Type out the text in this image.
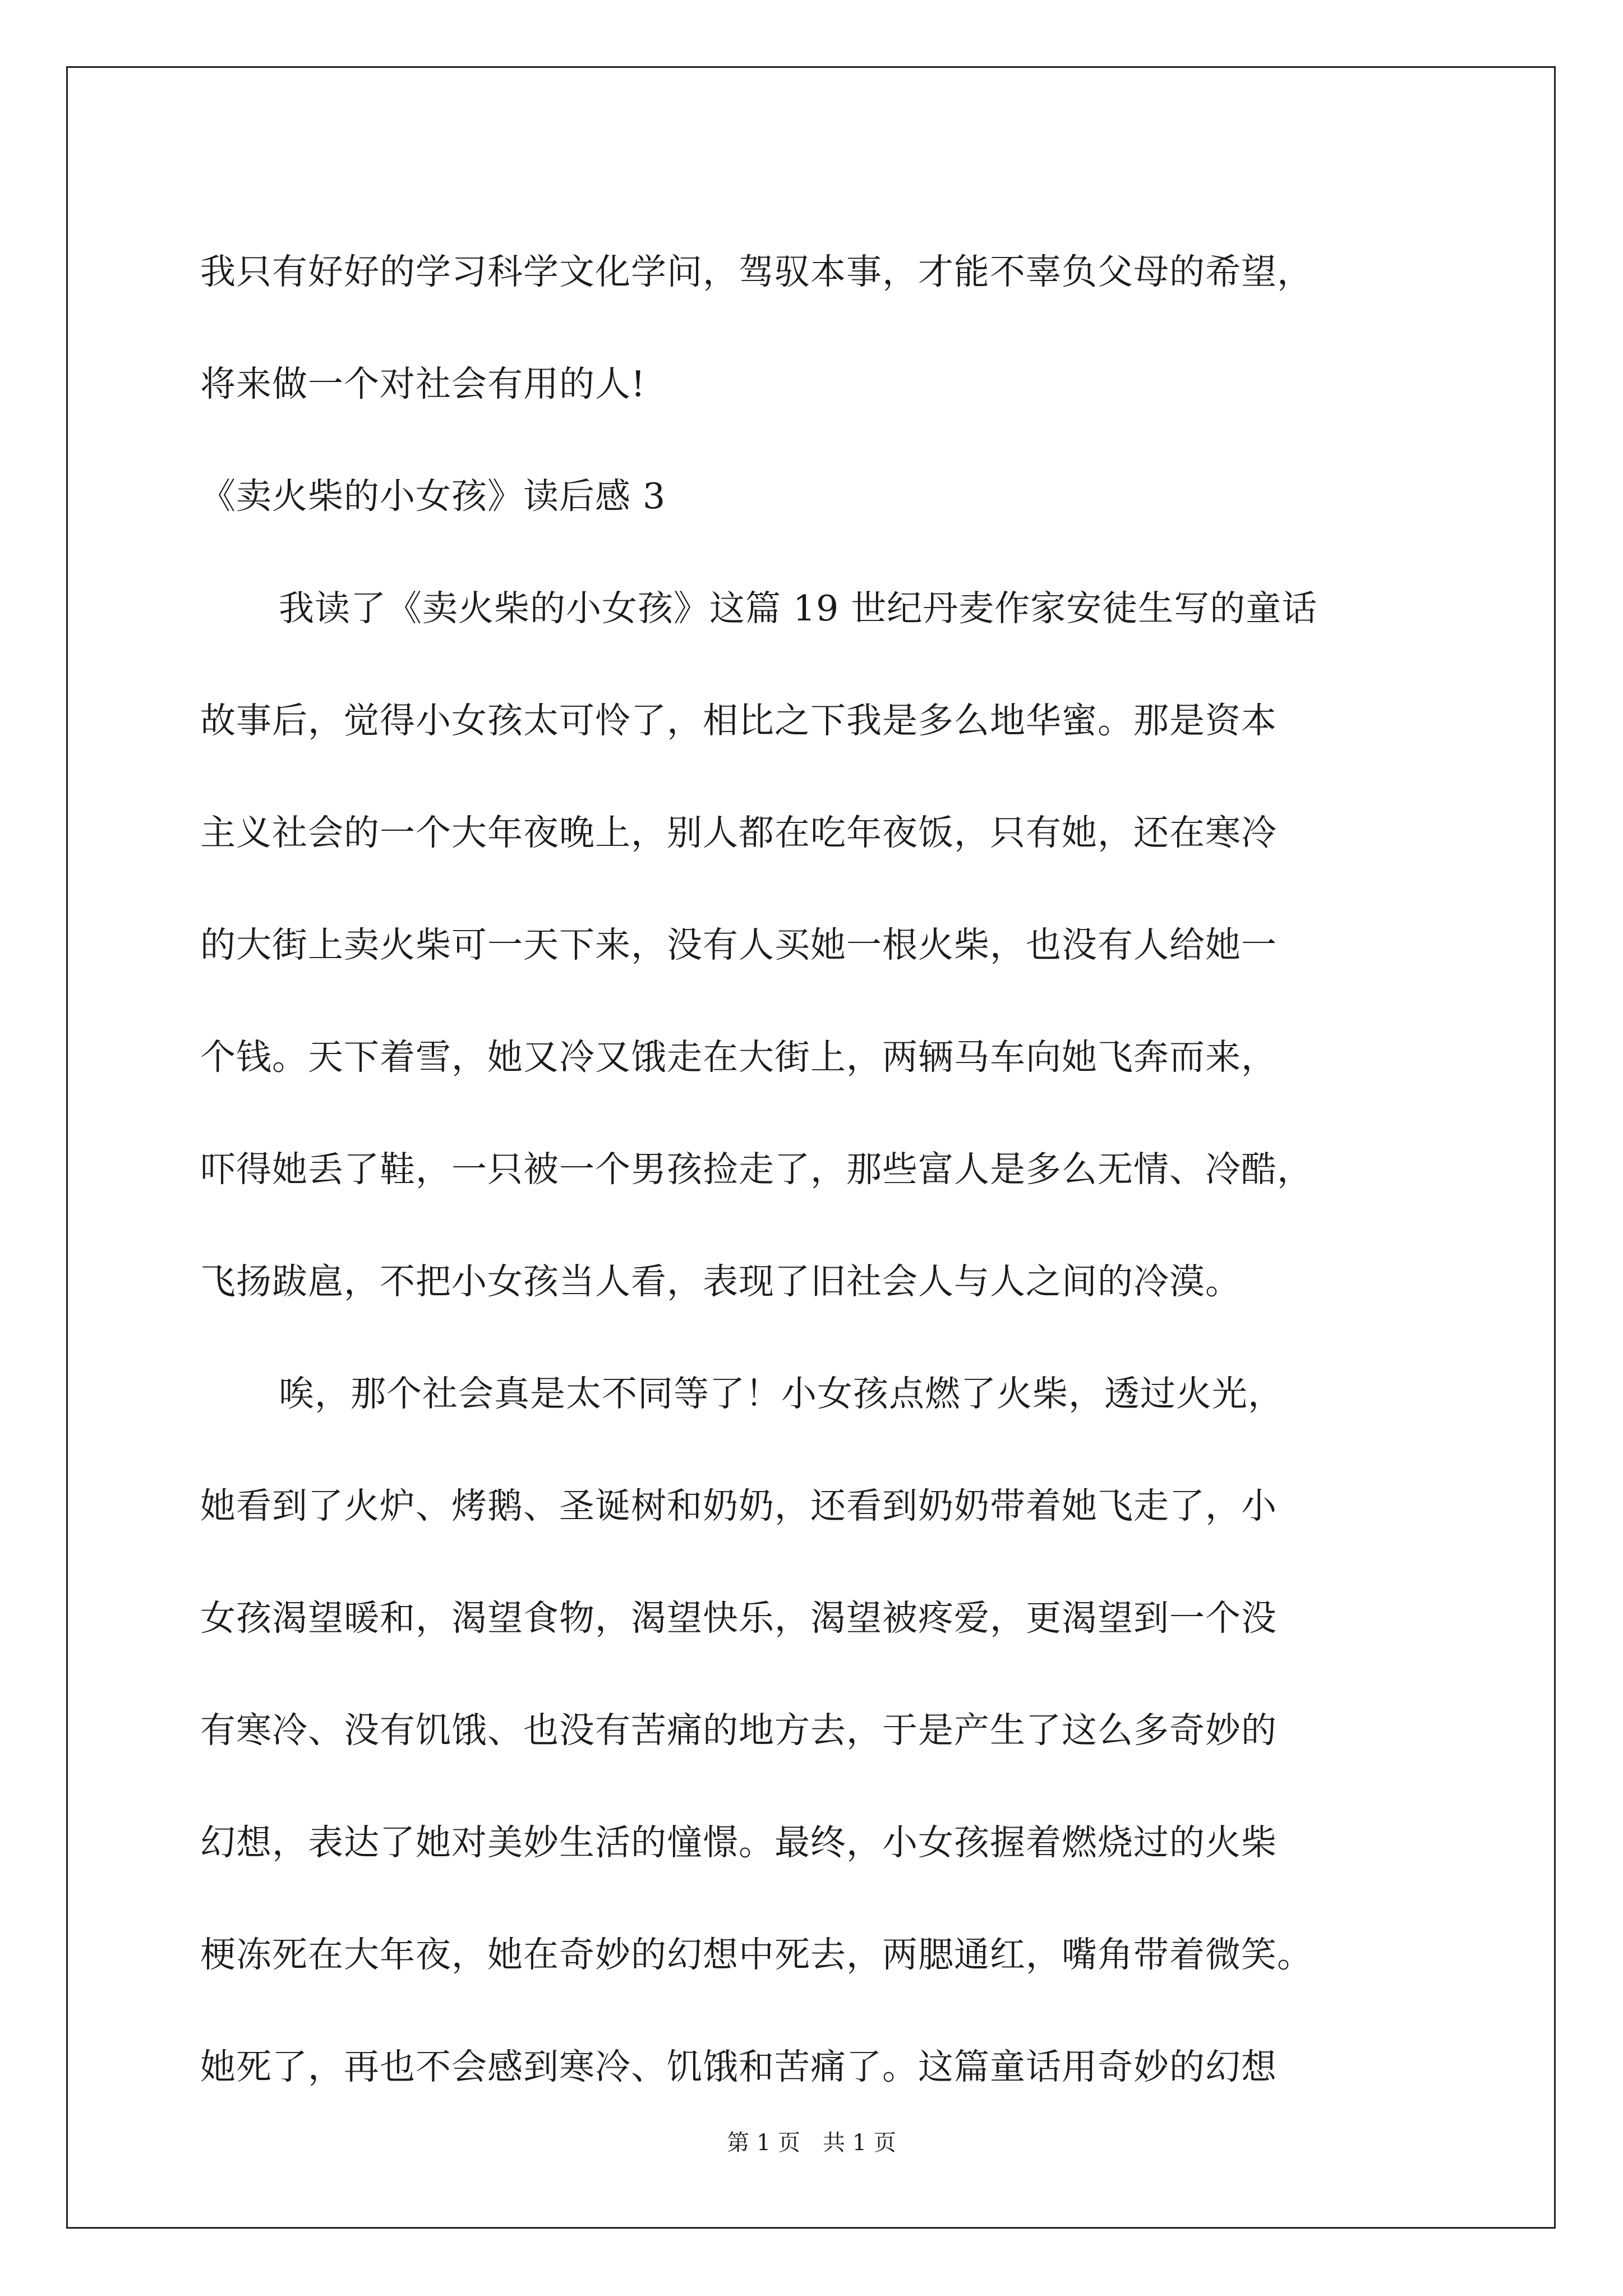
我只有好好的学习科学文化学问，驾驭本事，才能不辜负父母的希望，
将来做一个对社会有用的人!
《卖火柴的小女孩》读后感 3
我读了《卖火柴的小女孩》这篇 19 世纪丹麦作家安徒生写的童话
故事后，觉得小女孩太可怜了，相比之下我是多么地华蜜。那是资本
主义社会的一个大年夜晚上，别人都在吃年夜饭，只有她，还在寒冷
的大街上卖火柴可一天下来，没有人买她一根火柴，也没有人给她一
个钱。天下着雪，她又冷又饿走在大街上，两辆马车向她飞奔而来，
吓得她丢了鞋，一只被一个男孩捡走了，那些富人是多么无情、冷酷，
飞扬跋扈，不把小女孩当人看，表现了旧社会人与人之间的冷漠。
唉，那个社会真是太不同等了！小女孩点燃了火柴，透过火光，
她看到了火炉、烤鹅、圣诞树和奶奶，还看到奶奶带着她飞走了，小
女孩渴望暖和，渴望食物，渴望快乐，渴望被疼爱，更渴望到一个没
有寒冷、没有饥饿、也没有苦痛的地方去，于是产生了这么多奇妙的
幻想，表达了她对美妙生活的憧憬。最终，小女孩握着燃烧过的火柴
梗冻死在大年夜，她在奇妙的幻想中死去，两腮通红，嘴角带着微笑。
她死了，再也不会感到寒冷、饥饿和苦痛了。这篇童话用奇妙的幻想
第 1 页 共 1 页
